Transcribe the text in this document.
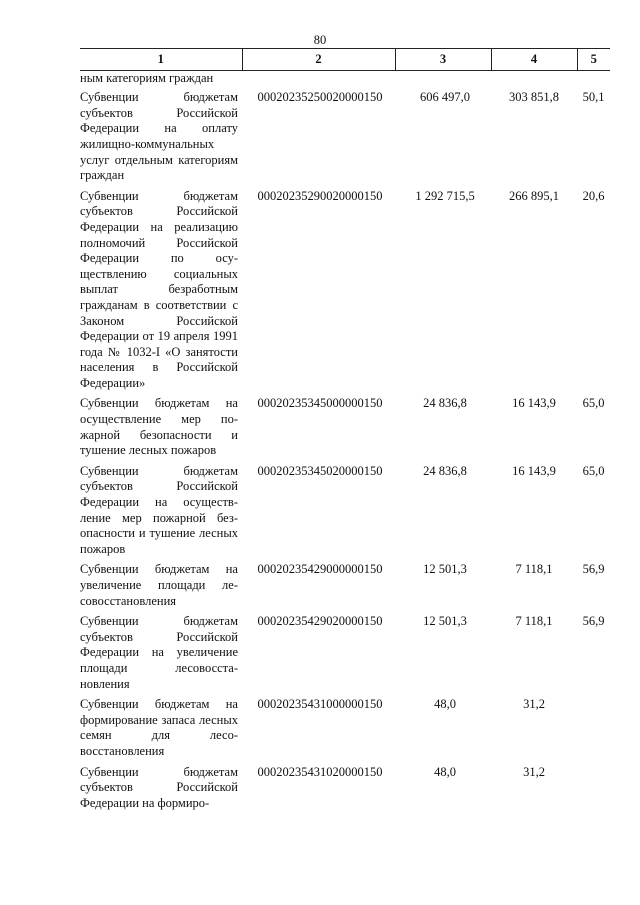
80
1	2	3	4	5
ным категориям граждан				
Субвенции бюджетам субъектов Российской Федерации на оплату жилищно-коммунальных услуг отдельным категориям граждан	00020235250020000150	606 497,0	303 851,8	50,1
Субвенции бюджетам субъектов Российской Федерации на реализацию полномочий Российской Федерации по осуществлению социальных выплат безработным гражданам в соответствии с Законом Российской Федерации от 19 апреля 1991 года № 1032-I «О занятости населения в Российской Федерации»	00020235290020000150	1 292 715,5	266 895,1	20,6
Субвенции бюджетам на осуществление мер пожарной безопасности и тушение лесных пожаров	00020235345000000150	24 836,8	16 143,9	65,0
Субвенции бюджетам субъектов Российской Федерации на осуществление мер пожарной безопасности и тушение лесных пожаров	00020235345020000150	24 836,8	16 143,9	65,0
Субвенции бюджетам на увеличение площади лесовосстановления	00020235429000000150	12 501,3	7 118,1	56,9
Субвенции бюджетам субъектов Российской Федерации на увеличение площади лесовосстановления	00020235429020000150	12 501,3	7 118,1	56,9
Субвенции бюджетам на формирование запаса лесных семян для лесовосстановления	00020235431000000150	48,0	31,2	
Субвенции бюджетам субъектов Российской Федерации на формиро-	00020235431020000150	48,0	31,2	
